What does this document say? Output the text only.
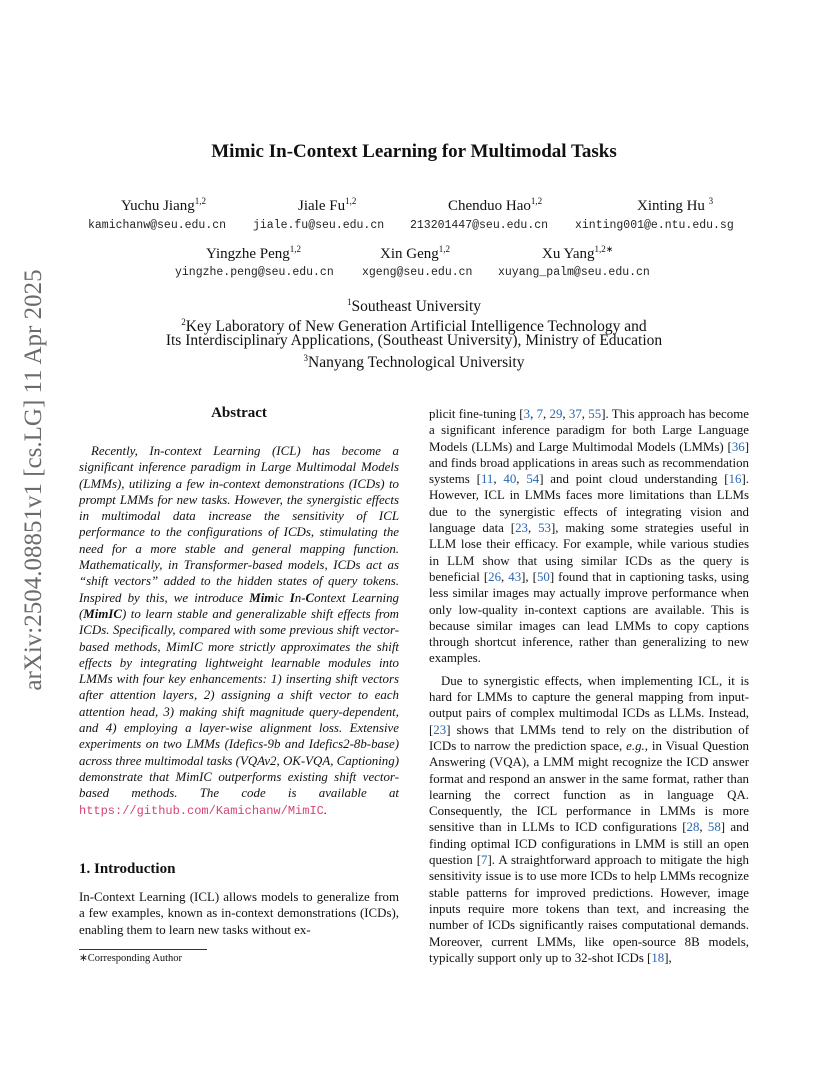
arXiv:2504.08851v1 [cs.LG] 11 Apr 2025
Mimic In-Context Learning for Multimodal Tasks
Yuchu Jiang$^{1,2}$
kamichanw@seu.edu.cn
Jiale Fu$^{1,2}$
jiale.fu@seu.edu.cn
Chenduo Hao$^{1,2}$
213201447@seu.edu.cn
Xinting Hu $^3$
xinting001@e.ntu.edu.sg
Yingzhe Peng$^{1,2}$
yingzhe.peng@seu.edu.cn
Xin Geng$^{1,2}$
xgeng@seu.edu.cn
Xu Yang$^{1,2∗}$
xuyang_palm@seu.edu.cn
$^1$Southeast University
$^2$Key Laboratory of New Generation Artificial Intelligence Technology and
Its Interdisciplinary Applications, (Southeast University), Ministry of Education
$^3$Nanyang Technological University
Abstract

Recently, In-context Learning (ICL) has become a significant inference paradigm in Large Multimodal Models (LMMs), utilizing a few in-context demonstrations (ICDs) to prompt LMMs for new tasks. However, the synergistic effects in multimodal data increase the sensitivity of ICL performance to the configurations of ICDs, stimulating the need for a more stable and general mapping function. Mathematically, in Transformer-based models, ICDs act as “shift vectors” added to the hidden states of query tokens. Inspired by this, we introduce Mimic In-Context Learning (MimIC) to learn stable and generalizable shift effects from ICDs. Specifically, compared with some previous shift vector-based methods, MimIC more strictly approximates the shift effects by integrating lightweight learnable modules into LMMs with four key enhancements: 1) inserting shift vectors after attention layers, 2) assigning a shift vector to each attention head, 3) making shift magnitude query-dependent, and 4) employing a layer-wise alignment loss. Extensive experiments on two LMMs (Idefics-9b and Idefics2-8b-base) across three multimodal tasks (VQAv2, OK-VQA, Captioning) demonstrate that MimIC outperforms existing shift vector-based methods. The code is available at https://github.com/Kamichanw/MimIC.

1. Introduction

In-Context Learning (ICL) allows models to generalize from a few examples, known as in-context demonstrations (ICDs), enabling them to learn new tasks without ex-

∗Corresponding Author

plicit fine-tuning [3, 7, 29, 37, 55]. This approach has become a significant inference paradigm for both Large Language Models (LLMs) and Large Multimodal Models (LMMs) [36] and finds broad applications in areas such as recommendation systems [11, 40, 54] and point cloud understanding [16]. However, ICL in LMMs faces more limitations than LLMs due to the synergistic effects of integrating vision and language data [23, 53], making some strategies useful in LLM lose their efficacy. For example, while various studies in LLM show that using similar ICDs as the query is beneficial [26, 43], [50] found that in captioning tasks, using less similar images may actually improve performance when only low-quality in-context captions are available. This is because similar images can lead LMMs to copy captions through shortcut inference, rather than generalizing to new examples.

Due to synergistic effects, when implementing ICL, it is hard for LMMs to capture the general mapping from input-output pairs of complex multimodal ICDs as LLMs. Instead, [23] shows that LMMs tend to rely on the distribution of ICDs to narrow the prediction space, e.g., in Visual Question Answering (VQA), a LMM might recognize the ICD answer format and respond an answer in the same format, rather than learning the correct function as in language QA. Consequently, the ICL performance in LMMs is more sensitive than in LLMs to ICD configurations [28, 58] and finding optimal ICD configurations in LMM is still an open question [7]. A straightforward approach to mitigate the high sensitivity issue is to use more ICDs to help LMMs recognize stable patterns for improved predictions. However, image inputs require more tokens than text, and increasing the number of ICDs significantly raises computational demands. Moreover, current LMMs, like open-source 8B models, typically support only up to 32-shot ICDs [18],
